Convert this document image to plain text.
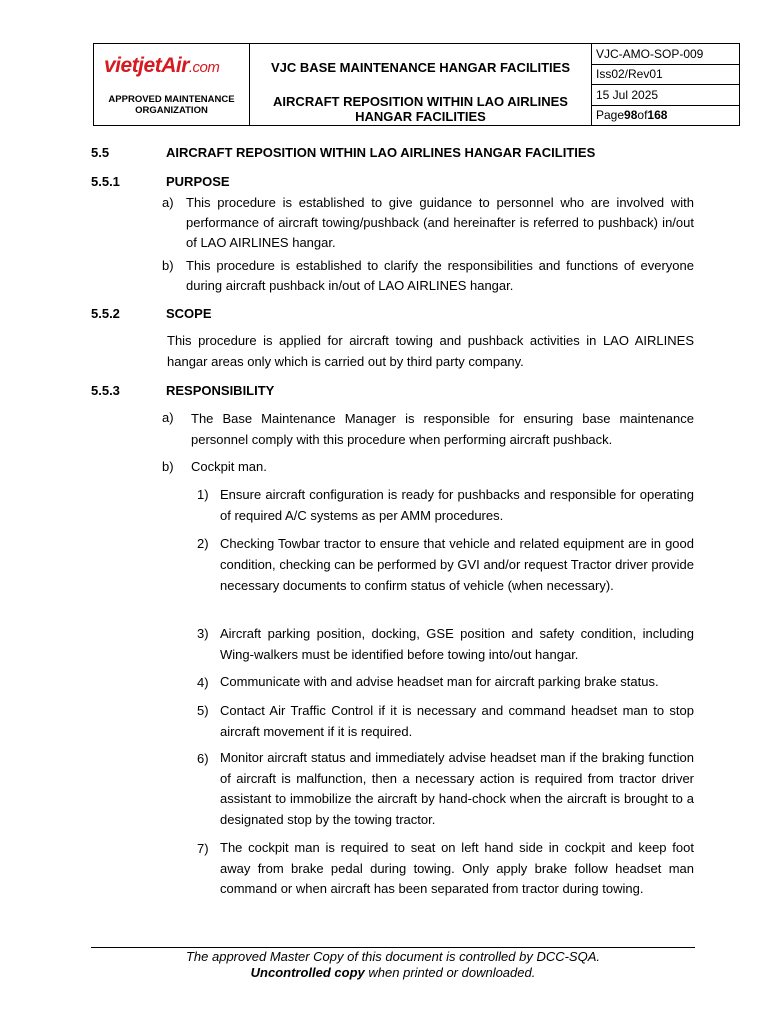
vietjetAir.com
APPROVED MAINTENANCE ORGANIZATION
VJC BASE MAINTENANCE HANGAR FACILITIES
AIRCRAFT REPOSITION WITHIN LAO AIRLINES HANGAR FACILITIES
VJC-AMO-SOP-009
Iss02/Rev01
15 Jul 2025
Page 98 of 168
5.5	AIRCRAFT REPOSITION WITHIN LAO AIRLINES HANGAR FACILITIES
5.5.1	PURPOSE
a) This procedure is established to give guidance to personnel who are involved with performance of aircraft towing/pushback (and hereinafter is referred to pushback) in/out of LAO AIRLINES hangar.
b) This procedure is established to clarify the responsibilities and functions of everyone during aircraft pushback in/out of LAO AIRLINES hangar.
5.5.2	SCOPE
This procedure is applied for aircraft towing and pushback activities in LAO AIRLINES hangar areas only which is carried out by third party company.
5.5.3	RESPONSIBILITY
a) The Base Maintenance Manager is responsible for ensuring base maintenance personnel comply with this procedure when performing aircraft pushback.
b) Cockpit man.
1) Ensure aircraft configuration is ready for pushbacks and responsible for operating of required A/C systems as per AMM procedures.
2) Checking Towbar tractor to ensure that vehicle and related equipment are in good condition, checking can be performed by GVI and/or request Tractor driver provide necessary documents to confirm status of vehicle (when necessary).
3) Aircraft parking position, docking, GSE position and safety condition, including Wing-walkers must be identified before towing into/out hangar.
4) Communicate with and advise headset man for aircraft parking brake status.
5) Contact Air Traffic Control if it is necessary and command headset man to stop aircraft movement if it is required.
6) Monitor aircraft status and immediately advise headset man if the braking function of aircraft is malfunction, then a necessary action is required from tractor driver assistant to immobilize the aircraft by hand-chock when the aircraft is brought to a designated stop by the towing tractor.
7) The cockpit man is required to seat on left hand side in cockpit and keep foot away from brake pedal during towing. Only apply brake follow headset man command or when aircraft has been separated from tractor during towing.
The approved Master Copy of this document is controlled by DCC-SQA.
Uncontrolled copy when printed or downloaded.
